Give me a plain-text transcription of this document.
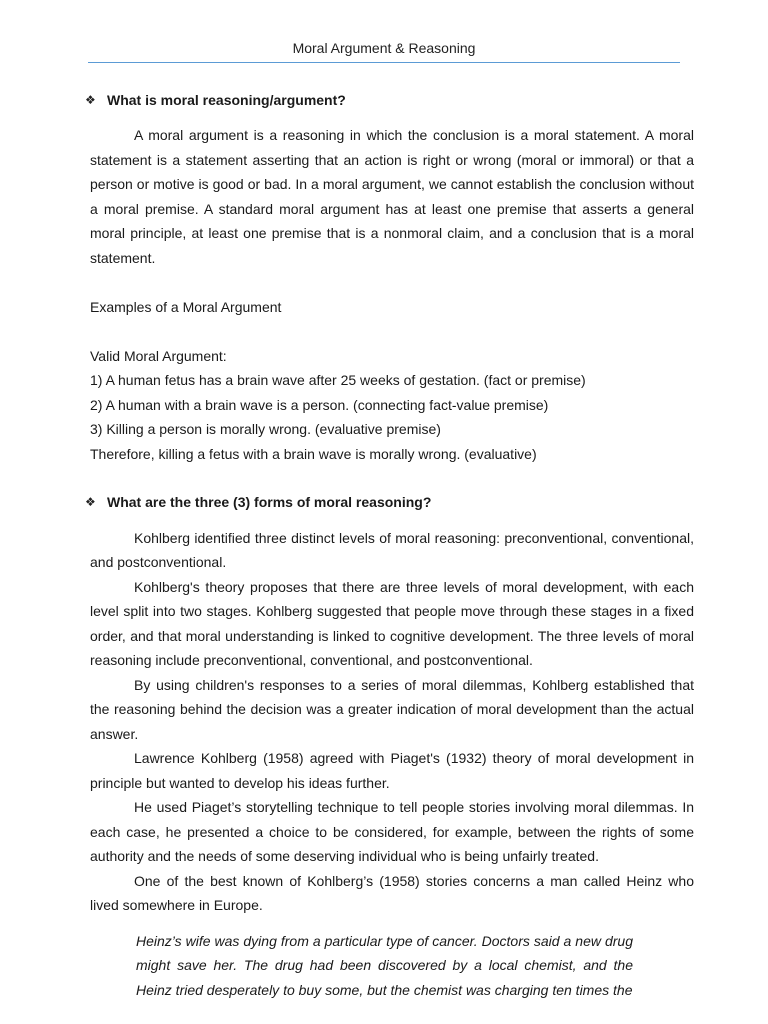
Moral Argument & Reasoning
❖ What is moral reasoning/argument?

A moral argument is a reasoning in which the conclusion is a moral statement. A moral statement is a statement asserting that an action is right or wrong (moral or immoral) or that a person or motive is good or bad. In a moral argument, we cannot establish the conclusion without a moral premise. A standard moral argument has at least one premise that asserts a general moral principle, at least one premise that is a nonmoral claim, and a conclusion that is a moral statement.

Examples of a Moral Argument

Valid Moral Argument:

1) A human fetus has a brain wave after 25 weeks of gestation. (fact or premise)

2) A human with a brain wave is a person. (connecting fact-value premise)

3) Killing a person is morally wrong. (evaluative premise)

Therefore, killing a fetus with a brain wave is morally wrong. (evaluative)

❖ What are the three (3) forms of moral reasoning?

Kohlberg identified three distinct levels of moral reasoning: preconventional, conventional, and postconventional.

Kohlberg's theory proposes that there are three levels of moral development, with each level split into two stages. Kohlberg suggested that people move through these stages in a fixed order, and that moral understanding is linked to cognitive development. The three levels of moral reasoning include preconventional, conventional, and postconventional.

By using children's responses to a series of moral dilemmas, Kohlberg established that the reasoning behind the decision was a greater indication of moral development than the actual answer.

Lawrence Kohlberg (1958) agreed with Piaget's (1932) theory of moral development in principle but wanted to develop his ideas further.

He used Piaget’s storytelling technique to tell people stories involving moral dilemmas. In each case, he presented a choice to be considered, for example, between the rights of some authority and the needs of some deserving individual who is being unfairly treated.

One of the best known of Kohlberg’s (1958) stories concerns a man called Heinz who lived somewhere in Europe.

Heinz’s wife was dying from a particular type of cancer. Doctors said a new drug might save her. The drug had been discovered by a local chemist, and the Heinz tried desperately to buy some, but the chemist was charging ten times the
